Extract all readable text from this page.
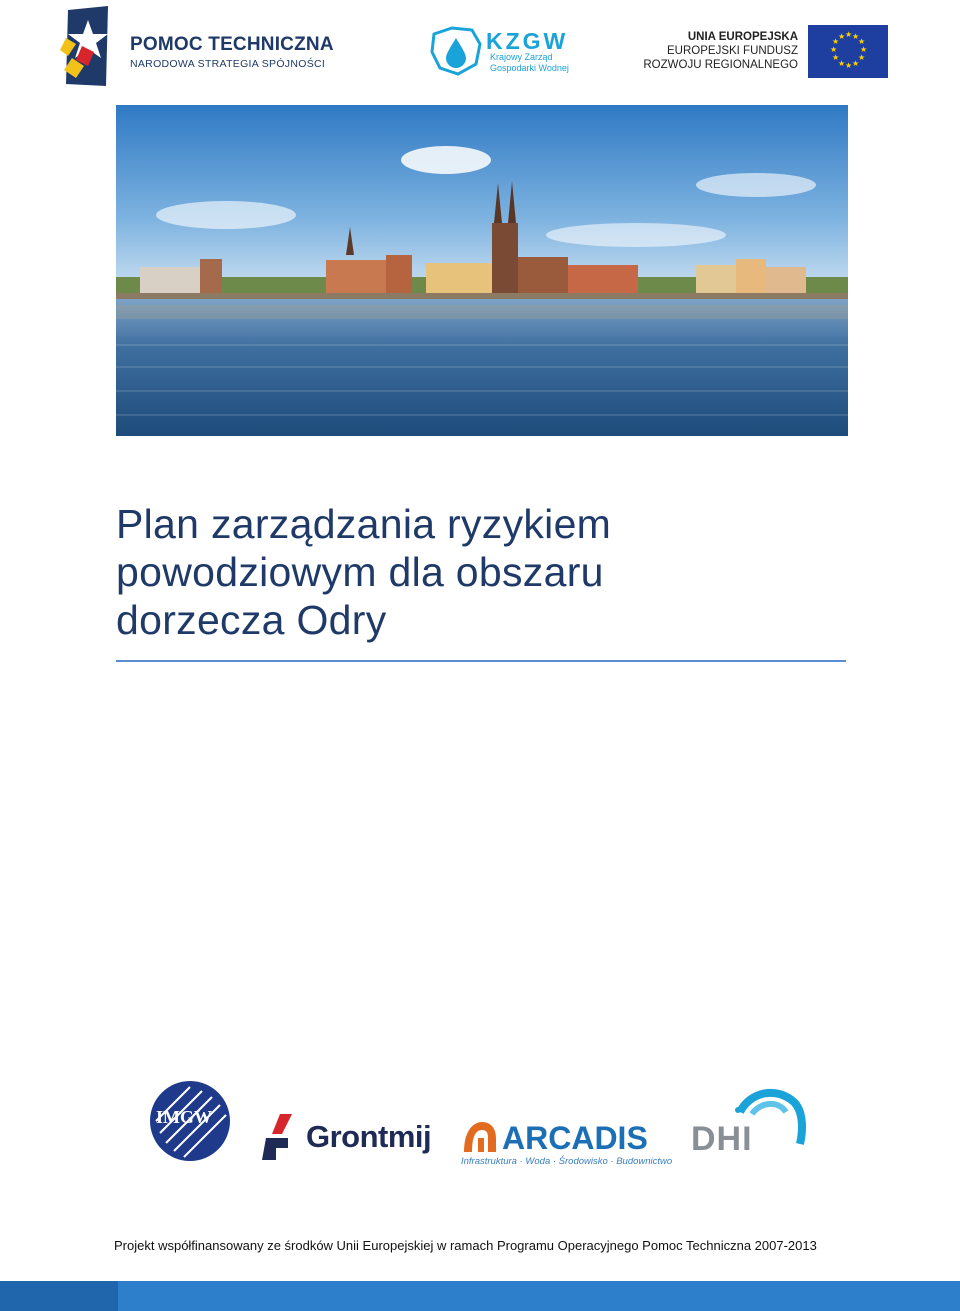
POMOC TECHNICZNA
NARODOWA STRATEGIA SPÓJNOŚCI
KZGW
Krajowy Zarząd Gospodarki Wodnej
UNIA EUROPEJSKA
EUROPEJSKI FUNDUSZ
ROZWOJU REGIONALNEGO
★ ★
★
★
★
★
★
★
★
★
★
★
Plan zarządzania ryzykiem
powodziowym dla obszaru
dorzecza Odry
IMGW
Grontmij ARCADIS
Infrastruktura · Woda · Środowisko · Budownictwo
DHI
Projekt współfinansowany ze środków Unii Europejskiej w ramach Programu Operacyjnego Pomoc Techniczna 2007-2013
